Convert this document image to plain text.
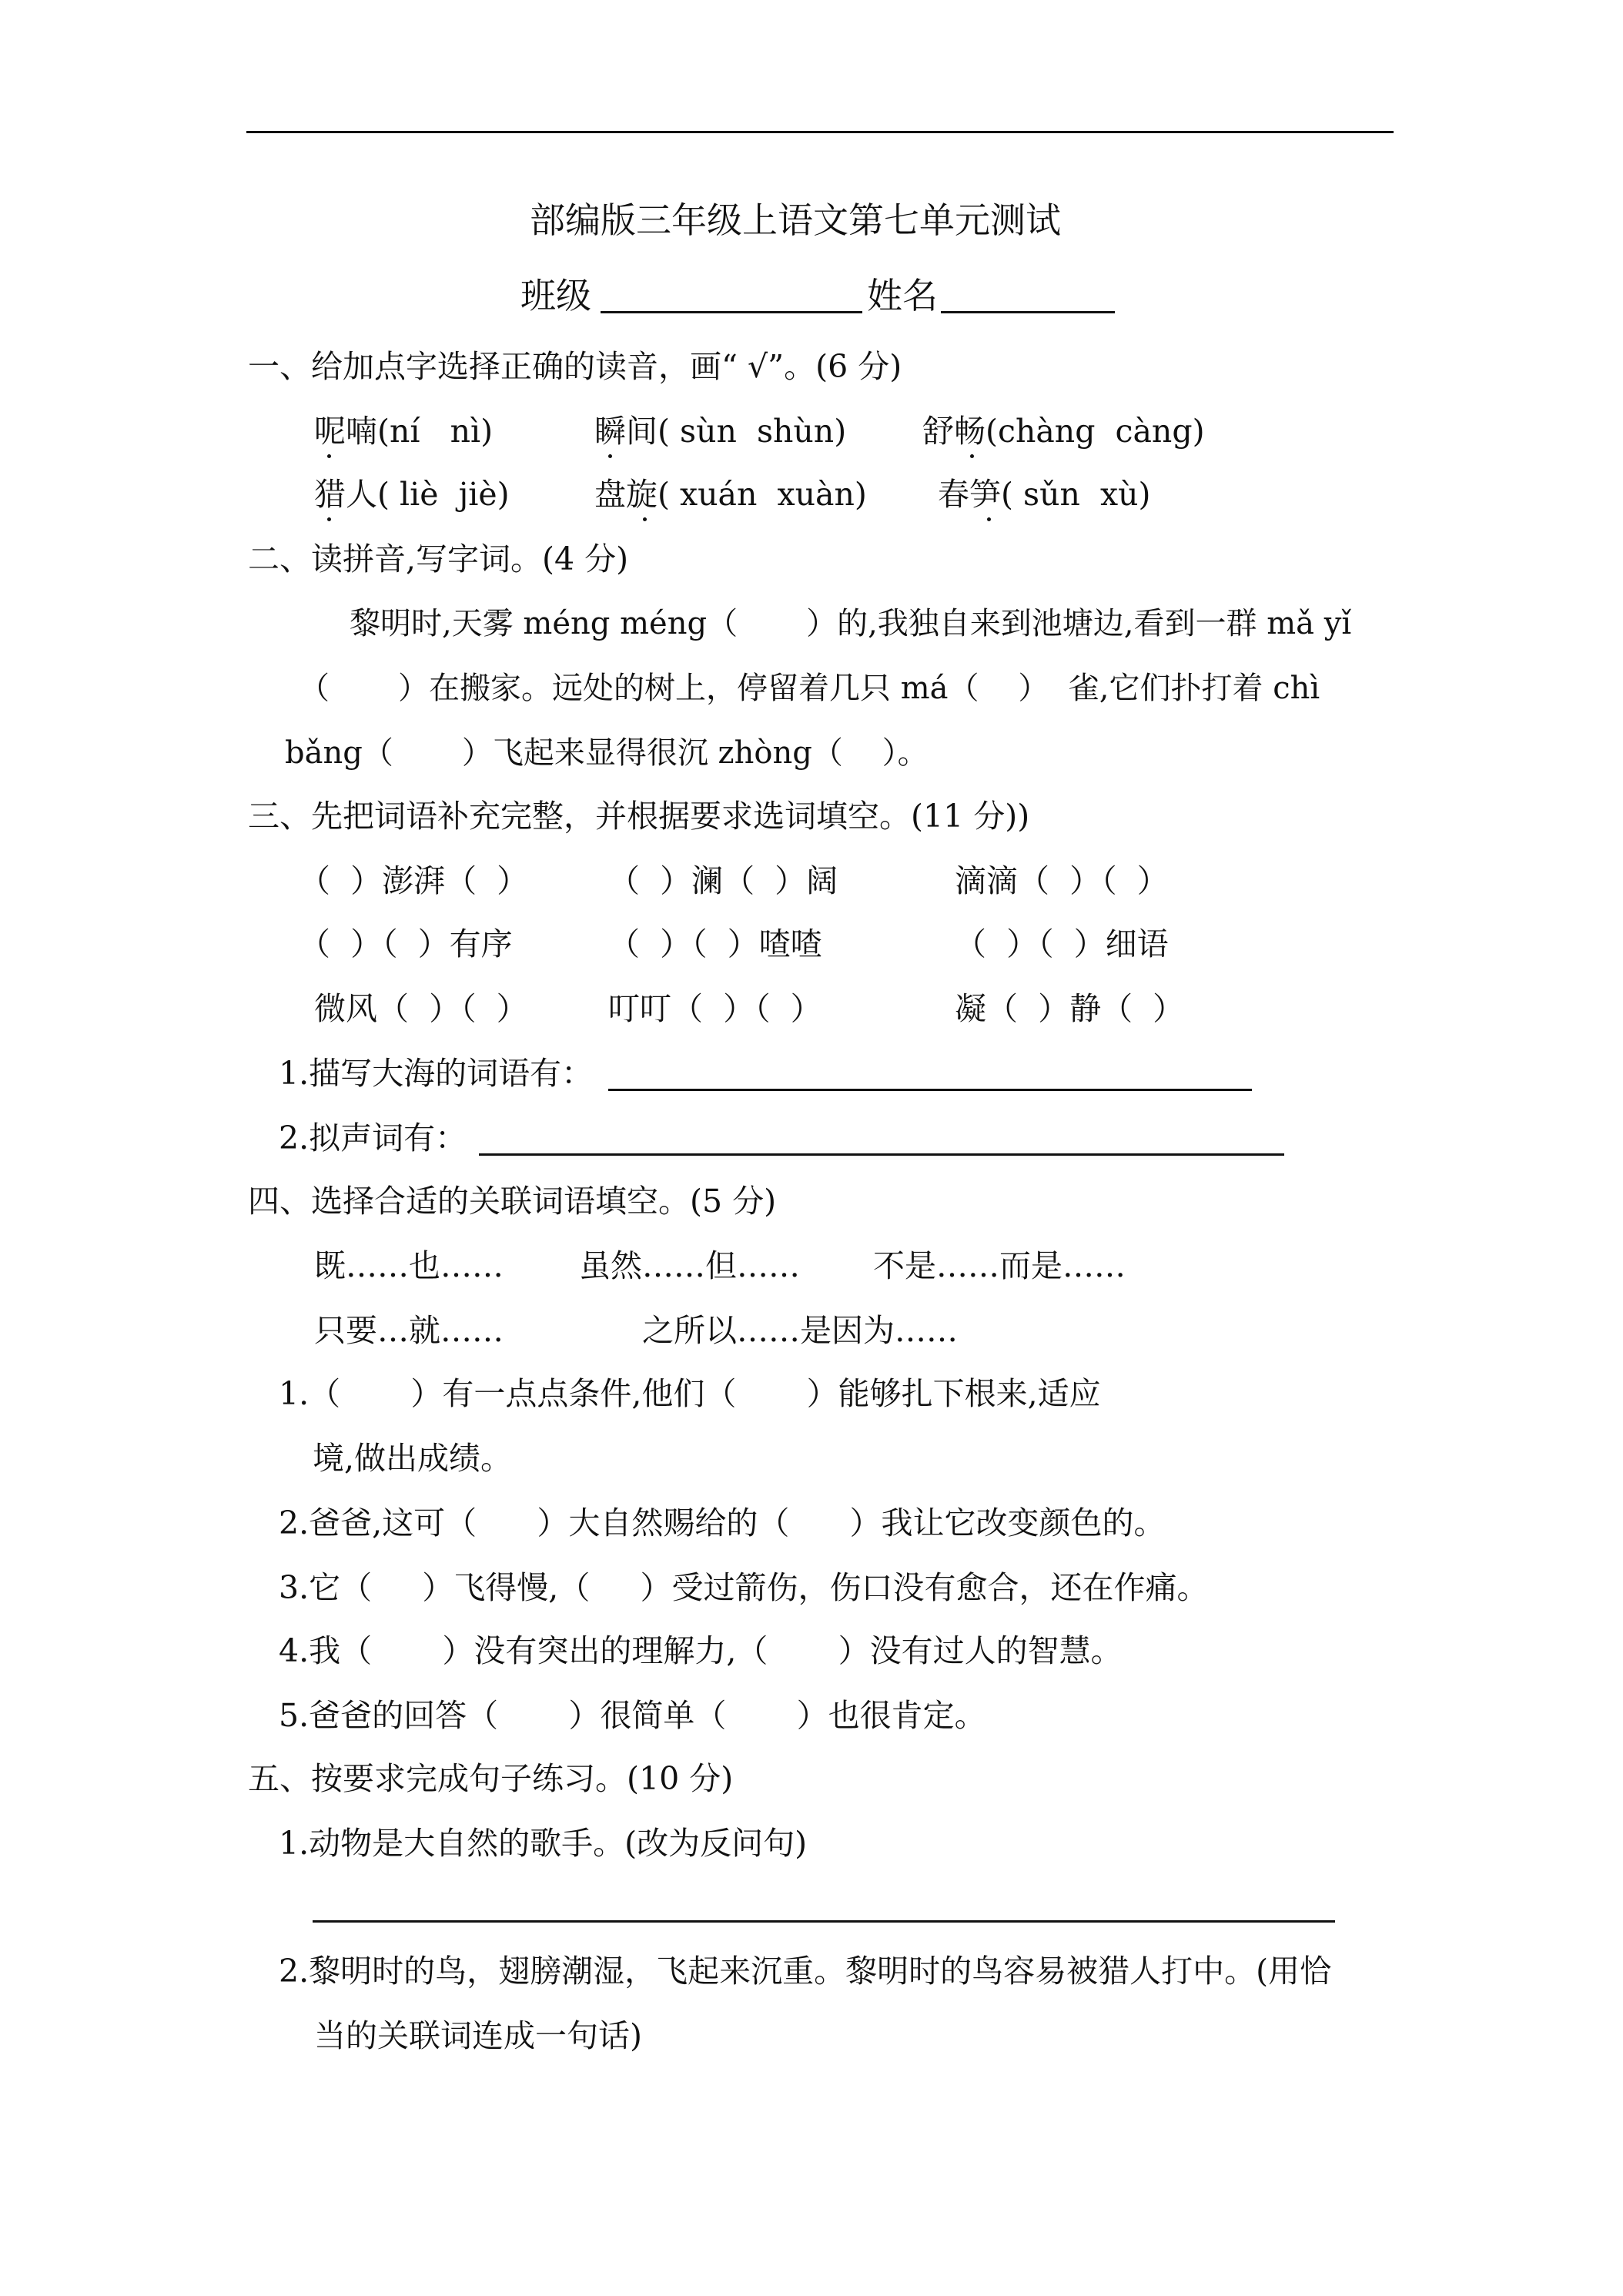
部编版三年级上语文第七单元测试
班级	姓名
一、给加点字选择正确的读音，画“ √”。(6 分)
呢喃(ní   nì)	瞬间( sùn  shùn) 舒畅(chàng  càng)
猎人( liè  jiè)	盘旋( xuán  xuàn) 春笋( sǔn  xù)
二、读拼音,写字词。(4 分)
黎明时,天雾 méng méng（       ）的,我独自来到池塘边,看到一群 mǎ yǐ
（       ）在搬家。远处的树上，停留着几只 má（    ）  雀,它们扑打着 chì
bǎng（       ）飞起来显得很沉 zhòng（    ）。
三、先把词语补充完整，并根据要求选词填空。(11 分))
（  ）澎湃（  ）	（  ）澜（  ）阔	滴滴（  ）（  ）
（  ）（  ）有序	（  ）（  ）喳喳	（  ）（  ）细语
微风（  ）（  ）	叮叮（  ）（  ）	凝（  ）静（  ）
1.描写大海的词语有：
2.拟声词有：
四、选择合适的关联词语填空。(5 分)
既……也…… 虽然……但…… 不是……而是……
只要…就……	之所以……是因为……
1.（       ）有一点点条件,他们（       ）能够扎下根来,适应
境,做出成绩。
2.爸爸,这可（      ）大自然赐给的（      ）我让它改变颜色的。
3.它（     ）飞得慢,（     ）受过箭伤，伤口没有愈合，还在作痛。
4.我（       ）没有突出的理解力,（       ）没有过人的智慧。
5.爸爸的回答（       ）很简单（       ）也很肯定。
五、按要求完成句子练习。(10 分)
1.动物是大自然的歌手。(改为反问句)
2.黎明时的鸟，翅膀潮湿，飞起来沉重。黎明时的鸟容易被猎人打中。(用恰
当的关联词连成一句话)
